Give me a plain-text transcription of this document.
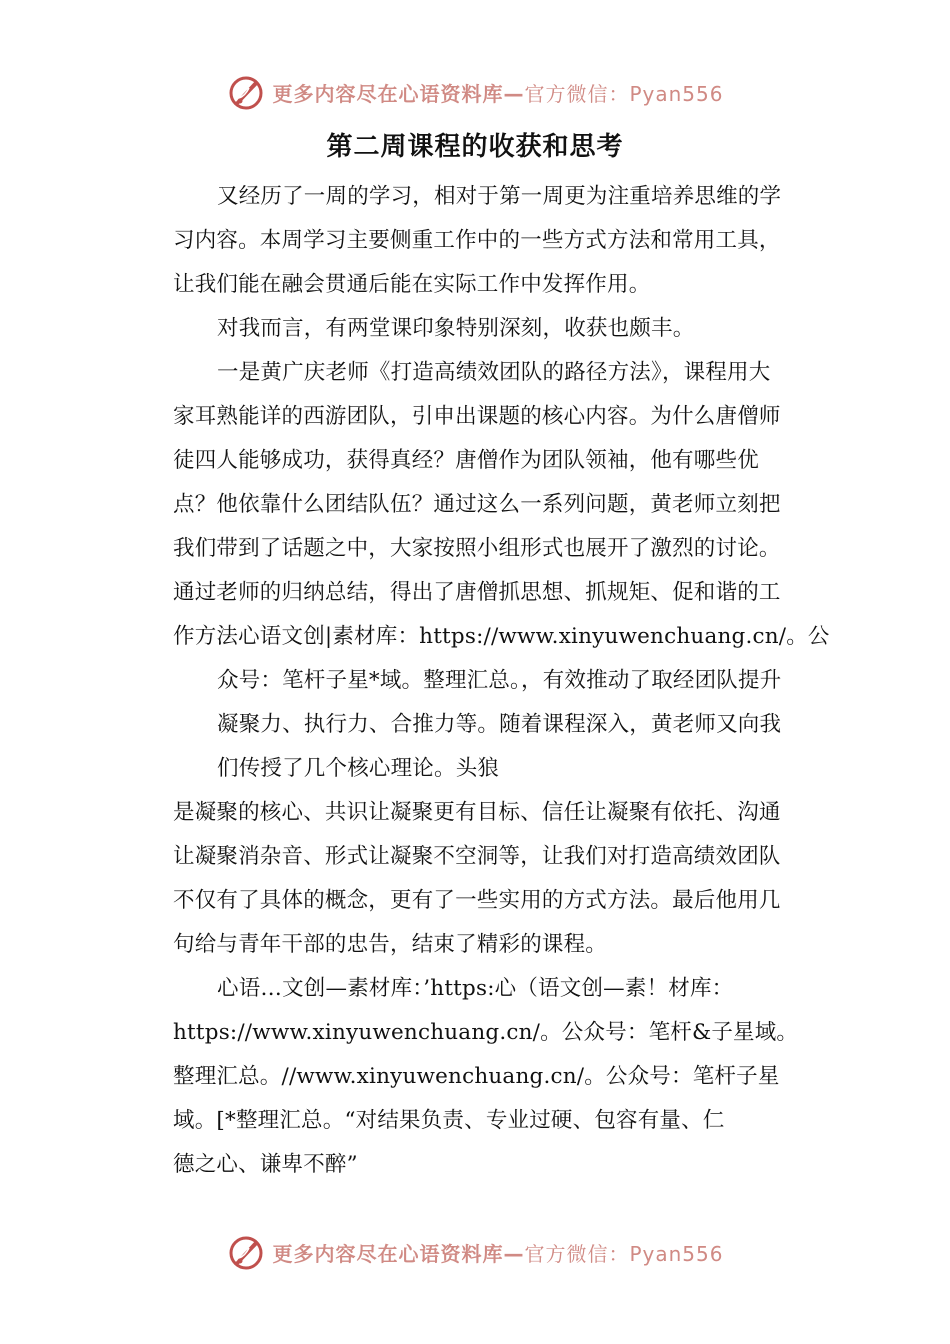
更多内容尽在心语资料库—官方微信：Pyan556
第二周课程的收获和思考
又经历了一周的学习，相对于第一周更为注重培养思维的学
习内容。本周学习主要侧重工作中的一些方式方法和常用工具，
让我们能在融会贯通后能在实际工作中发挥作用。
对我而言，有两堂课印象特别深刻，收获也颇丰。
一是黄广庆老师《打造高绩效团队的路径方法》，课程用大
家耳熟能详的西游团队，引申出课题的核心内容。为什么唐僧师
徒四人能够成功，获得真经？唐僧作为团队领袖，他有哪些优
点？他依靠什么团结队伍？通过这么一系列问题，黄老师立刻把
我们带到了话题之中，大家按照小组形式也展开了激烈的讨论。
通过老师的归纳总结，得出了唐僧抓思想、抓规矩、促和谐的工
作方法心语文创|素材库：https://www.xinyuwenchuang.cn/。公
众号：笔杆子星*域。整理汇总。，有效推动了取经团队提升
凝聚力、执行力、合推力等。随着课程深入，黄老师又向我
们传授了几个核心理论。头狼
是凝聚的核心、共识让凝聚更有目标、信任让凝聚有依托、沟通
让凝聚消杂音、形式让凝聚不空洞等，让我们对打造高绩效团队
不仅有了具体的概念，更有了一些实用的方式方法。最后他用几
句给与青年干部的忠告，结束了精彩的课程。
心语…文创—素材库：’https:心（语文创—素！材库：
https://www.xinyuwenchuang.cn/。公众号：笔杆&子星域。
整理汇总。//www.xinyuwenchuang.cn/。公众号：笔杆子星
域。[*整理汇总。“对结果负责、专业过硬、包容有量、仁
德之心、谦卑不醉”
更多内容尽在心语资料库—官方微信：Pyan556
